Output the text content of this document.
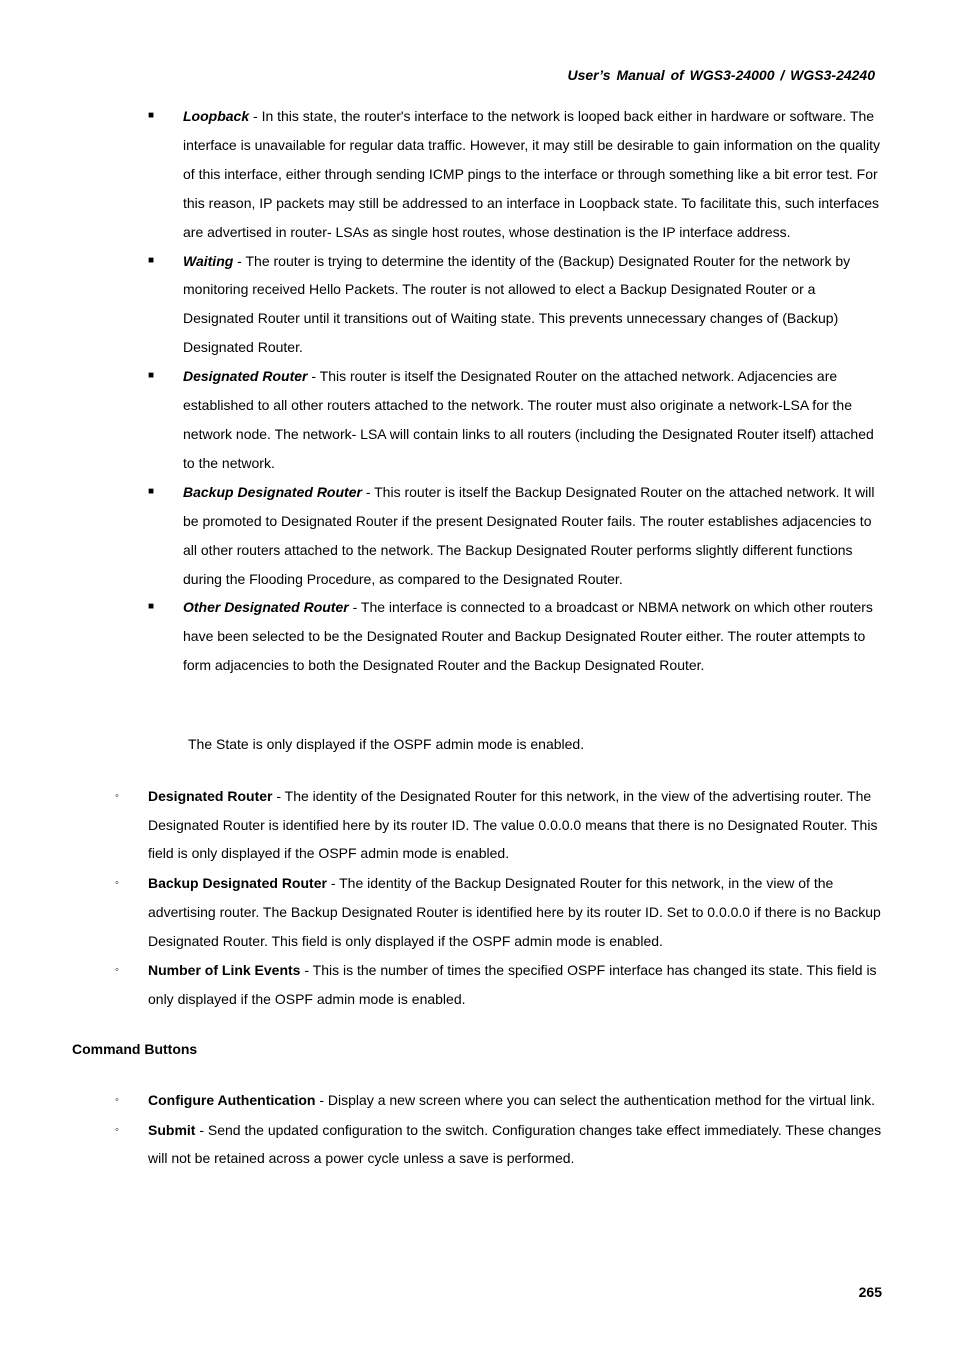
User’s Manual of WGS3-24000 / WGS3-24240
■ Loopback - In this state, the router's interface to the network is looped back either in hardware or software. The interface is unavailable for regular data traffic. However, it may still be desirable to gain information on the quality of this interface, either through sending ICMP pings to the interface or through something like a bit error test. For this reason, IP packets may still be addressed to an interface in Loopback state. To facilitate this, such interfaces are advertised in router- LSAs as single host routes, whose destination is the IP interface address.
■ Waiting - The router is trying to determine the identity of the (Backup) Designated Router for the network by monitoring received Hello Packets. The router is not allowed to elect a Backup Designated Router or a Designated Router until it transitions out of Waiting state. This prevents unnecessary changes of (Backup) Designated Router.
■ Designated Router - This router is itself the Designated Router on the attached network. Adjacencies are established to all other routers attached to the network. The router must also originate a network-LSA for the network node. The network- LSA will contain links to all routers (including the Designated Router itself) attached to the network.
■ Backup Designated Router - This router is itself the Backup Designated Router on the attached network. It will be promoted to Designated Router if the present Designated Router fails. The router establishes adjacencies to all other routers attached to the network. The Backup Designated Router performs slightly different functions during the Flooding Procedure, as compared to the Designated Router.
■ Other Designated Router - The interface is connected to a broadcast or NBMA network on which other routers have been selected to be the Designated Router and Backup Designated Router either. The router attempts to form adjacencies to both the Designated Router and the Backup Designated Router.
The State is only displayed if the OSPF admin mode is enabled.
◦ Designated Router - The identity of the Designated Router for this network, in the view of the advertising router. The Designated Router is identified here by its router ID. The value 0.0.0.0 means that there is no Designated Router. This field is only displayed if the OSPF admin mode is enabled.
◦ Backup Designated Router - The identity of the Backup Designated Router for this network, in the view of the advertising router. The Backup Designated Router is identified here by its router ID. Set to 0.0.0.0 if there is no Backup Designated Router. This field is only displayed if the OSPF admin mode is enabled.
◦ Number of Link Events - This is the number of times the specified OSPF interface has changed its state. This field is only displayed if the OSPF admin mode is enabled.
Command Buttons
◦ Configure Authentication - Display a new screen where you can select the authentication method for the virtual link.
◦ Submit - Send the updated configuration to the switch. Configuration changes take effect immediately. These changes will not be retained across a power cycle unless a save is performed.
265
